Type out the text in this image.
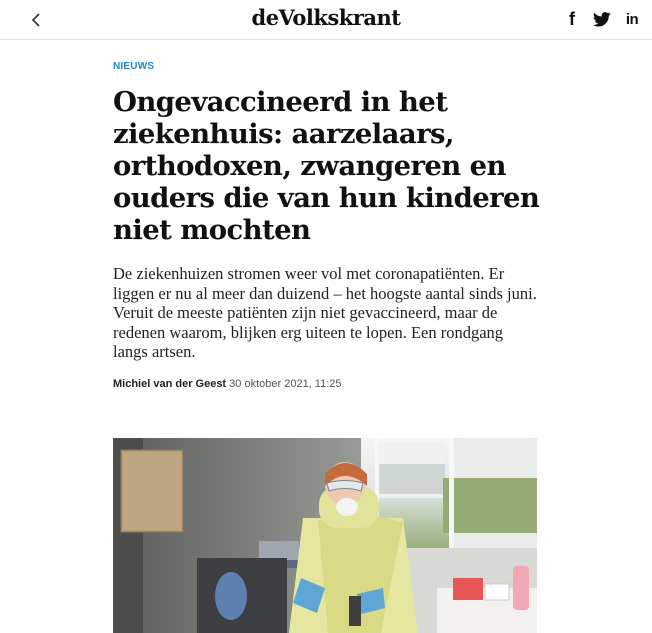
deVolkskrant	f	in
NIEUWS
Ongevaccineerd in het ziekenhuis: aarzelaars, orthodoxen, zwangeren en ouders die van hun kinderen niet mochten

De ziekenhuizen stromen weer vol met coronapatiënten. Er liggen er nu al meer dan duizend – het hoogste aantal sinds juni. Veruit de meeste patiënten zijn niet gevaccineerd, maar de redenen waarom, blijken erg uiteen te lopen. Een rondgang langs artsen.

Michiel van der Geest 30 oktober 2021, 11:25
